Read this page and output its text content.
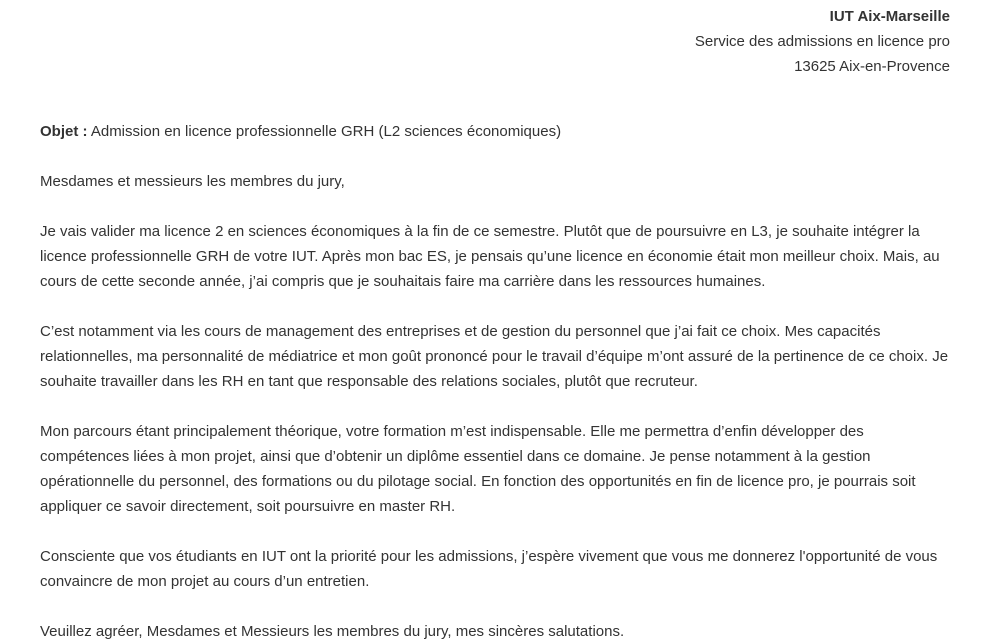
IUT Aix-Marseille
Service des admissions en licence pro
13625 Aix-en-Provence
Objet : Admission en licence professionnelle GRH (L2 sciences économiques)

Mesdames et messieurs les membres du jury,

Je vais valider ma licence 2 en sciences économiques à la fin de ce semestre. Plutôt que de poursuivre en L3, je souhaite intégrer la licence professionnelle GRH de votre IUT. Après mon bac ES, je pensais qu’une licence en économie était mon meilleur choix. Mais, au cours de cette seconde année, j’ai compris que je souhaitais faire ma carrière dans les ressources humaines.

C’est notamment via les cours de management des entreprises et de gestion du personnel que j’ai fait ce choix. Mes capacités relationnelles, ma personnalité de médiatrice et mon goût prononcé pour le travail d’équipe m’ont assuré de la pertinence de ce choix. Je souhaite travailler dans les RH en tant que responsable des relations sociales, plutôt que recruteur.

Mon parcours étant principalement théorique, votre formation m’est indispensable. Elle me permettra d’enfin développer des compétences liées à mon projet, ainsi que d’obtenir un diplôme essentiel dans ce domaine. Je pense notamment à la gestion opérationnelle du personnel, des formations ou du pilotage social. En fonction des opportunités en fin de licence pro, je pourrais soit appliquer ce savoir directement, soit poursuivre en master RH.

Consciente que vos étudiants en IUT ont la priorité pour les admissions, j’espère vivement que vous me donnerez l'opportunité de vous convaincre de mon projet au cours d’un entretien.

Veuillez agréer, Mesdames et Messieurs les membres du jury, mes sincères salutations.
